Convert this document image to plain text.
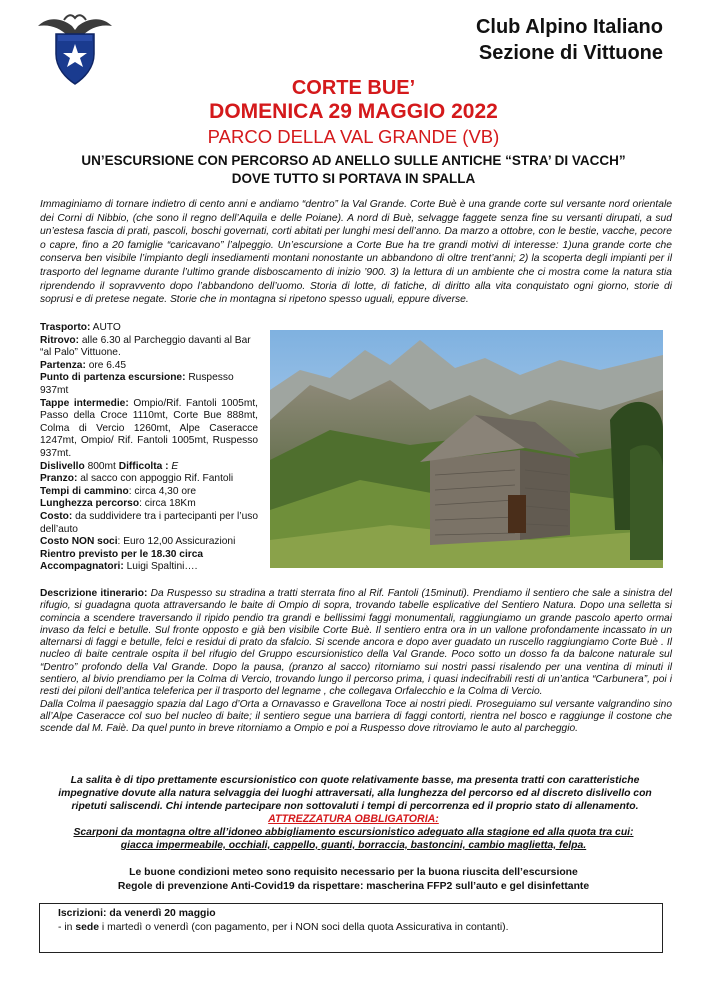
Club Alpino Italiano
Sezione di Vittuone
CORTE BUE’
DOMENICA 29 MAGGIO 2022
PARCO DELLA VAL GRANDE (VB)
UN’ESCURSIONE CON PERCORSO AD ANELLO SULLE ANTICHE “STRA’ DI VACCH”
DOVE TUTTO SI PORTAVA IN SPALLA

Immaginiamo di tornare indietro di cento anni e andiamo “dentro” la Val Grande. Corte Buè è una grande corte sul versante nord orientale dei Corni di Nibbio, (che sono il regno dell’Aquila e delle Poiane). A nord di Buè, selvagge faggete senza fine su versanti dirupati, a sud un’estesa fascia di prati, pascoli, boschi governati, corti abitati per lunghi mesi dell’anno. Da marzo a ottobre, con le bestie, vacche, pecore o capre, fino a 20 famiglie “caricavano” l’alpeggio. Un’escursione a Corte Bue ha tre grandi motivi di interesse: 1)una grande corte che conserva ben visibile l’impianto degli insediamenti montani nonostante un abbandono di oltre trent’anni; 2) la scoperta degli impianti per il trasporto del legname durante l’ultimo grande disboscamento di inizio ’900. 3) la lettura di un ambiente che ci mostra come la natura stia riprendendo il sopravvento dopo l’abbandono dell’uomo. Storia di lotte, di fatiche, di diritto alla vita conquistato ogni giorno, storie di soprusi e di pretese negate. Storie che in montagna si ripetono spesso uguali, eppure diverse.

Trasporto: AUTO

Ritrovo: alle 6.30 al Parcheggio davanti al Bar “al Palo” Vittuone.

Partenza: ore 6.45

Punto di partenza escursione: Ruspesso 937mt

Tappe intermedie: Ompio/Rif. Fantoli 1005mt, Passo della Croce 1110mt, Corte Bue 888mt, Colma di Vercio 1260mt, Alpe Caseracce 1247mt, Ompio/ Rif. Fantoli 1005mt, Ruspesso 937mt.

Dislivello 800mt Difficolta : E

Pranzo: al sacco con appoggio Rif. Fantoli

Tempi di cammino: circa 4,30 ore

Lunghezza percorso: circa 18Km

Costo: da suddividere tra i partecipanti per l’uso dell’auto

Costo NON soci: Euro 12,00 Assicurazioni

Rientro previsto per le 18.30 circa

Accompagnatori: Luigi Spaltini….

Descrizione itinerario: Da Ruspesso su stradina a tratti sterrata fino al Rif. Fantoli (15minuti). Prendiamo il sentiero che sale a sinistra del rifugio, si guadagna quota attraversando le baite di Ompio di sopra, trovando tabelle esplicative del Sentiero Natura. Dopo una selletta si comincia a scendere traversando il ripido pendio tra grandi e bellissimi faggi monumentali, raggiungiamo un grande pascolo aperto ormai invaso da felci e betulle. Sul fronte opposto e già ben visibile Corte Buè. Il sentiero entra ora in un vallone profondamente incassato in un alternarsi di faggi e betulle, felci e residui di prato da sfalcio. Si scende ancora e dopo aver guadato un ruscello raggiungiamo Corte Buè . Il nucleo di baite centrale ospita il bel rifugio del Gruppo escursionistico della Val Grande. Poco sotto un dosso fa da balcone naturale sul “Dentro” profondo della Val Grande. Dopo la pausa, (pranzo al sacco) ritorniamo sui nostri passi risalendo per una ventina di minuti il sentiero, al bivio prendiamo per la Colma di Vercio, trovando lungo il percorso prima, i quasi indecifrabili resti di un’antica “Carbunera”, poi i resti dei piloni dell’antica teleferica per il trasporto del legname , che collegava Orfalecchio e la Colma di Vercio.

Dalla Colma il paesaggio spazia dal Lago d’Orta a Ornavasso e Gravellona Toce ai nostri piedi. Proseguiamo sul versante valgrandino sino all’Alpe Caseracce col suo bel nucleo di baite; il sentiero segue una barriera di faggi contorti, rientra nel bosco e raggiunge il costone che scende dal M. Faiè. Da quel punto in breve ritorniamo a Ompio e poi a Ruspesso dove ritroviamo le auto al parcheggio.

La salita è di tipo prettamente escursionistico con quote relativamente basse, ma presenta tratti con caratteristiche impegnative dovute alla natura selvaggia dei luoghi attraversati, alla lunghezza del percorso ed al discreto dislivello con ripetuti saliscendi. Chi intende partecipare non sottovaluti i tempi di percorrenza ed il proprio stato di allenamento.

ATTREZZATURA OBBLIGATORIA:

Scarponi da montagna oltre all’idoneo abbigliamento escursionistico adeguato alla stagione ed alla quota tra cui:

giacca impermeabile, occhiali, cappello, guanti, borraccia, bastoncini, cambio maglietta, felpa.

Le buone condizioni meteo sono requisito necessario per la buona riuscita dell’escursione

Regole di prevenzione Anti-Covid19 da rispettare: mascherina FFP2 sull’auto e gel disinfettante

Iscrizioni: da venerdì 20 maggio

- in sede i martedì o venerdì (con pagamento, per i NON soci della quota Assicurativa in contanti).
